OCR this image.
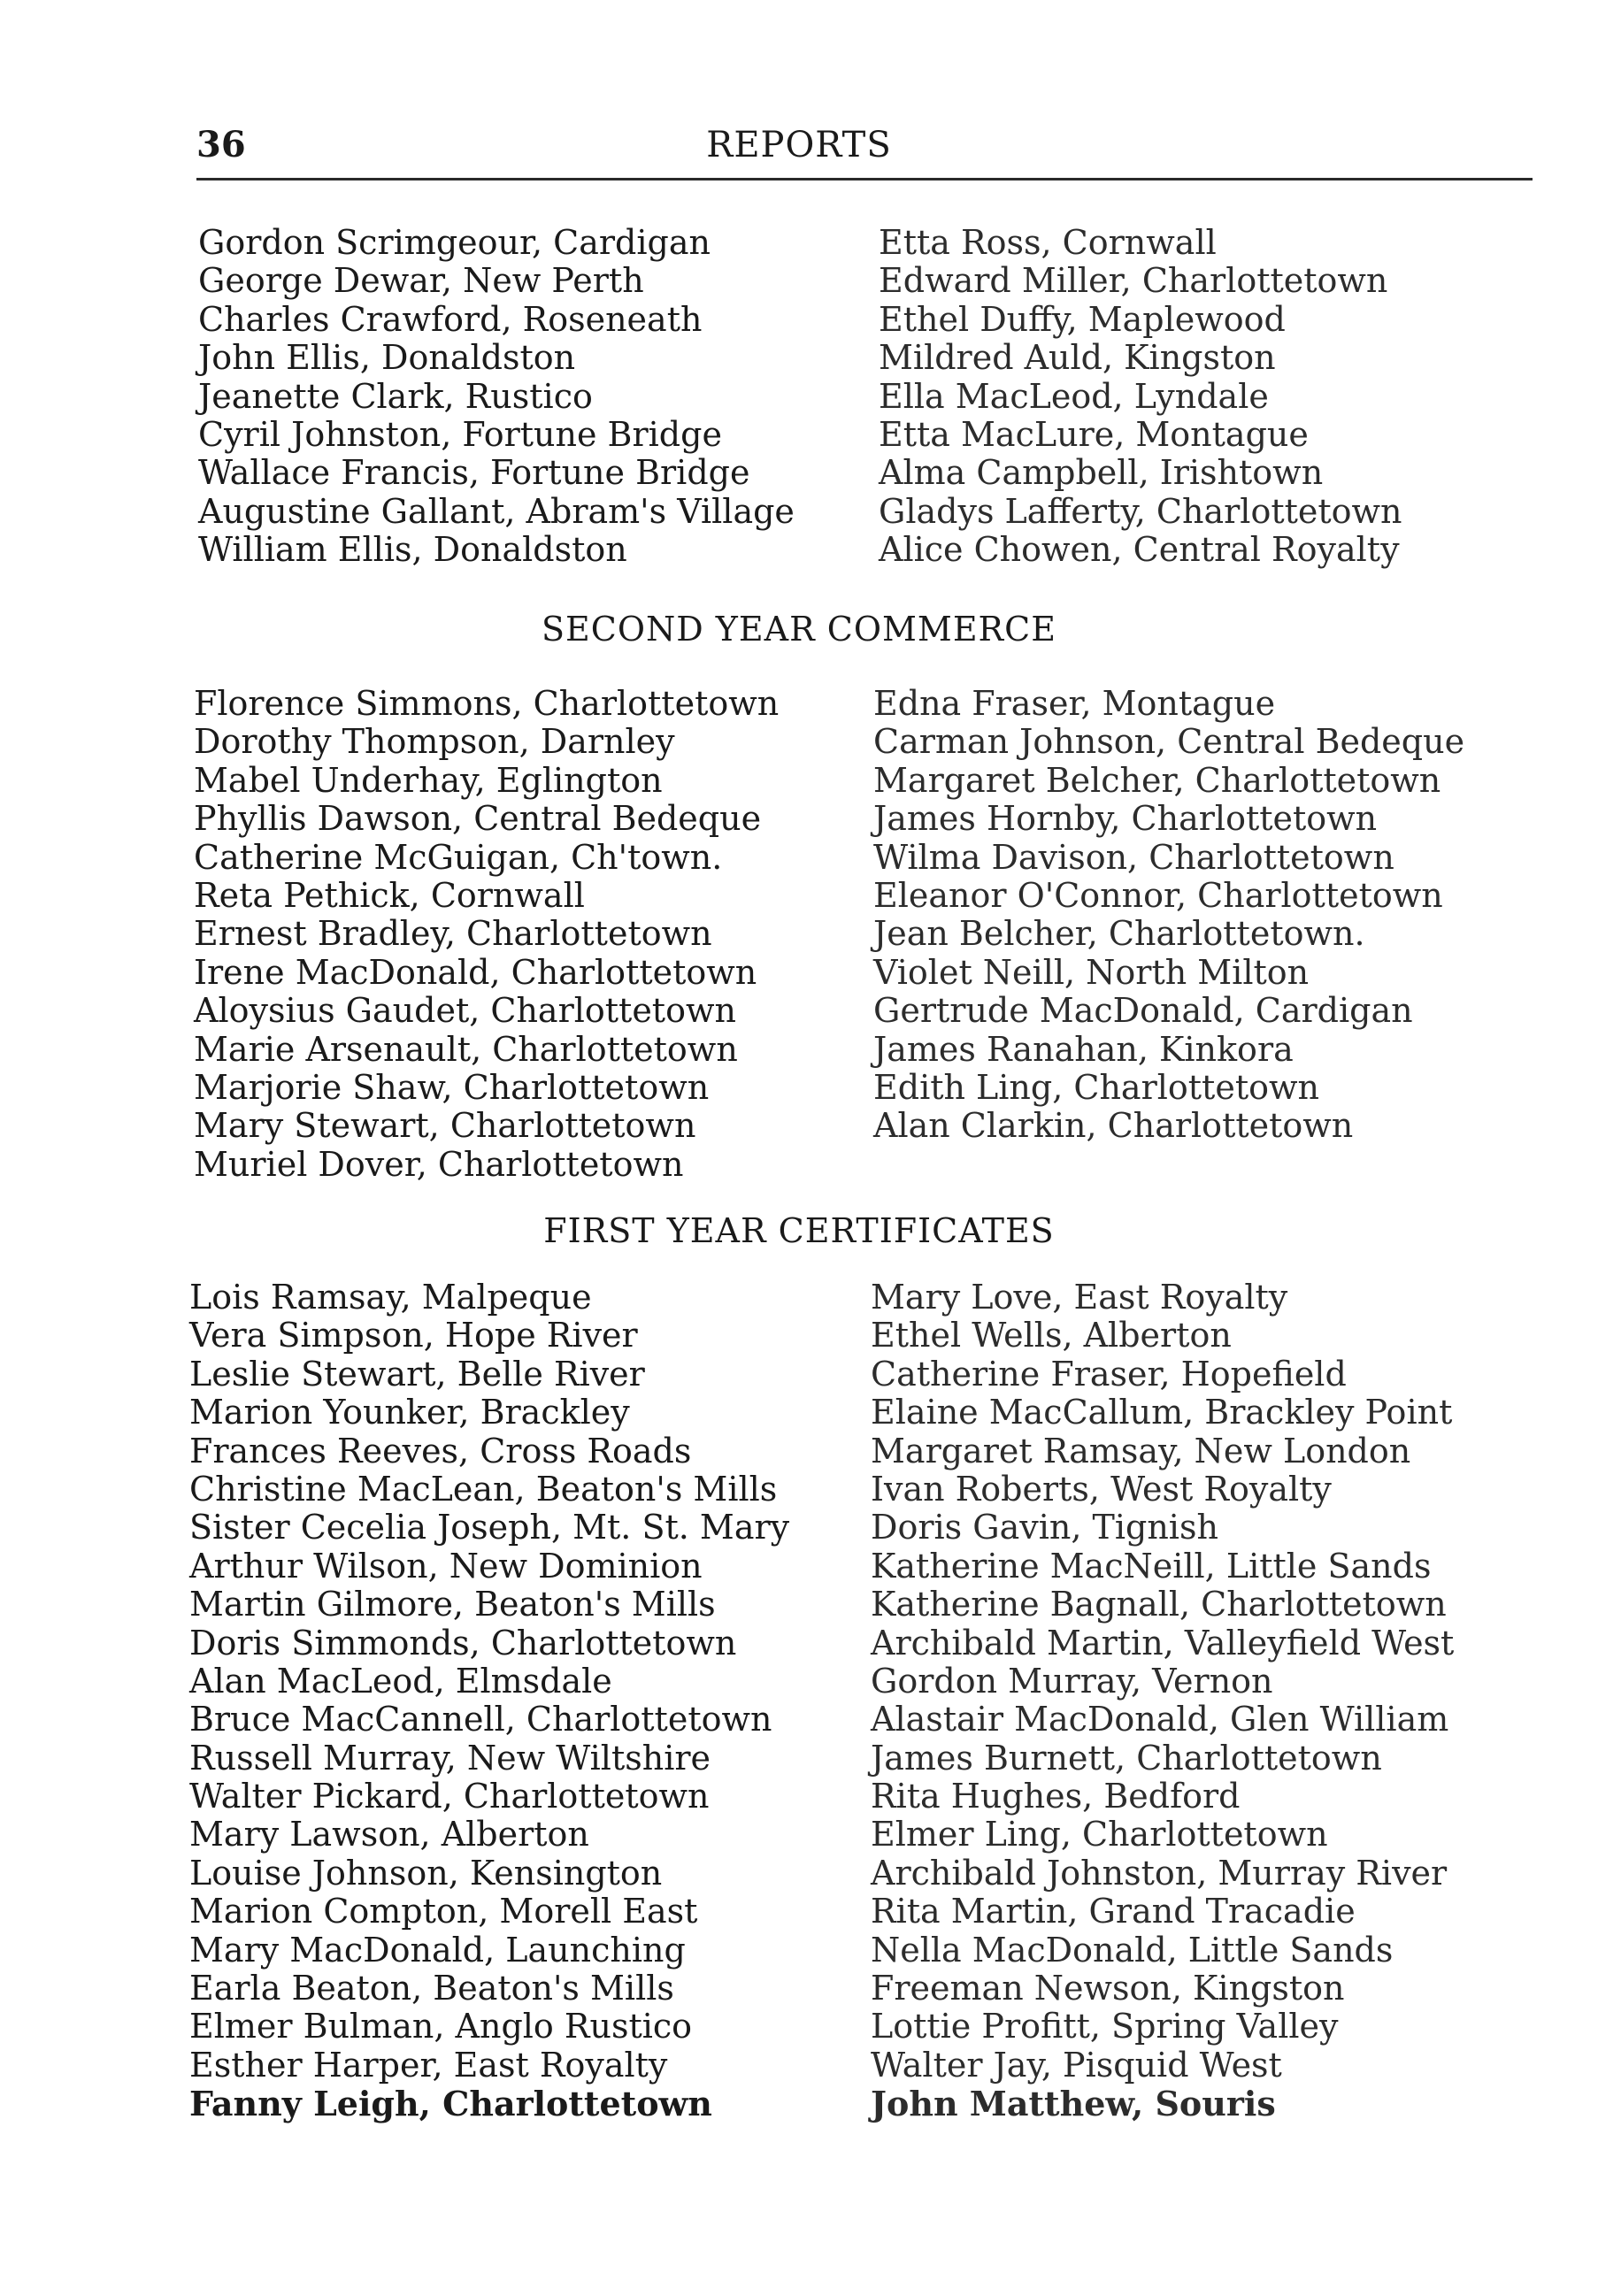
36	REPORTS
Gordon Scrimgeour, Cardigan
George Dewar, New Perth
Charles Crawford, Roseneath
John Ellis, Donaldston
Jeanette Clark, Rustico
Cyril Johnston, Fortune Bridge
Wallace Francis, Fortune Bridge
Augustine Gallant, Abram's Village
William Ellis, Donaldston
Etta Ross, Cornwall
Edward Miller, Charlottetown
Ethel Duffy, Maplewood
Mildred Auld, Kingston
Ella MacLeod, Lyndale
Etta MacLure, Montague
Alma Campbell, Irishtown
Gladys Lafferty, Charlottetown
Alice Chowen, Central Royalty
SECOND YEAR COMMERCE
Florence Simmons, Charlottetown
Dorothy Thompson, Darnley
Mabel Underhay, Eglington
Phyllis Dawson, Central Bedeque
Catherine McGuigan, Ch'town.
Reta Pethick, Cornwall
Ernest Bradley, Charlottetown
Irene MacDonald, Charlottetown
Aloysius Gaudet, Charlottetown
Marie Arsenault, Charlottetown
Marjorie Shaw, Charlottetown
Mary Stewart, Charlottetown
Muriel Dover, Charlottetown
Edna Fraser, Montague
Carman Johnson, Central Bedeque
Margaret Belcher, Charlottetown
James Hornby, Charlottetown
Wilma Davison, Charlottetown
Eleanor O'Connor, Charlottetown
Jean Belcher, Charlottetown.
Violet Neill, North Milton
Gertrude MacDonald, Cardigan
James Ranahan, Kinkora
Edith Ling, Charlottetown
Alan Clarkin, Charlottetown
FIRST YEAR CERTIFICATES
Lois Ramsay, Malpeque
Vera Simpson, Hope River
Leslie Stewart, Belle River
Marion Younker, Brackley
Frances Reeves, Cross Roads
Christine MacLean, Beaton's Mills
Sister Cecelia Joseph, Mt. St. Mary
Arthur Wilson, New Dominion
Martin Gilmore, Beaton's Mills
Doris Simmonds, Charlottetown
Alan MacLeod, Elmsdale
Bruce MacCannell, Charlottetown
Russell Murray, New Wiltshire
Walter Pickard, Charlottetown
Mary Lawson, Alberton
Louise Johnson, Kensington
Marion Compton, Morell East
Mary MacDonald, Launching
Earla Beaton, Beaton's Mills
Elmer Bulman, Anglo Rustico
Esther Harper, East Royalty
Fanny Leigh, Charlottetown
Mary Love, East Royalty
Ethel Wells, Alberton
Catherine Fraser, Hopefield
Elaine MacCallum, Brackley Point
Margaret Ramsay, New London
Ivan Roberts, West Royalty
Doris Gavin, Tignish
Katherine MacNeill, Little Sands
Katherine Bagnall, Charlottetown
Archibald Martin, Valleyfield West
Gordon Murray, Vernon
Alastair MacDonald, Glen William
James Burnett, Charlottetown
Rita Hughes, Bedford
Elmer Ling, Charlottetown
Archibald Johnston, Murray River
Rita Martin, Grand Tracadie
Nella MacDonald, Little Sands
Freeman Newson, Kingston
Lottie Profitt, Spring Valley
Walter Jay, Pisquid West
John Matthew, Souris
